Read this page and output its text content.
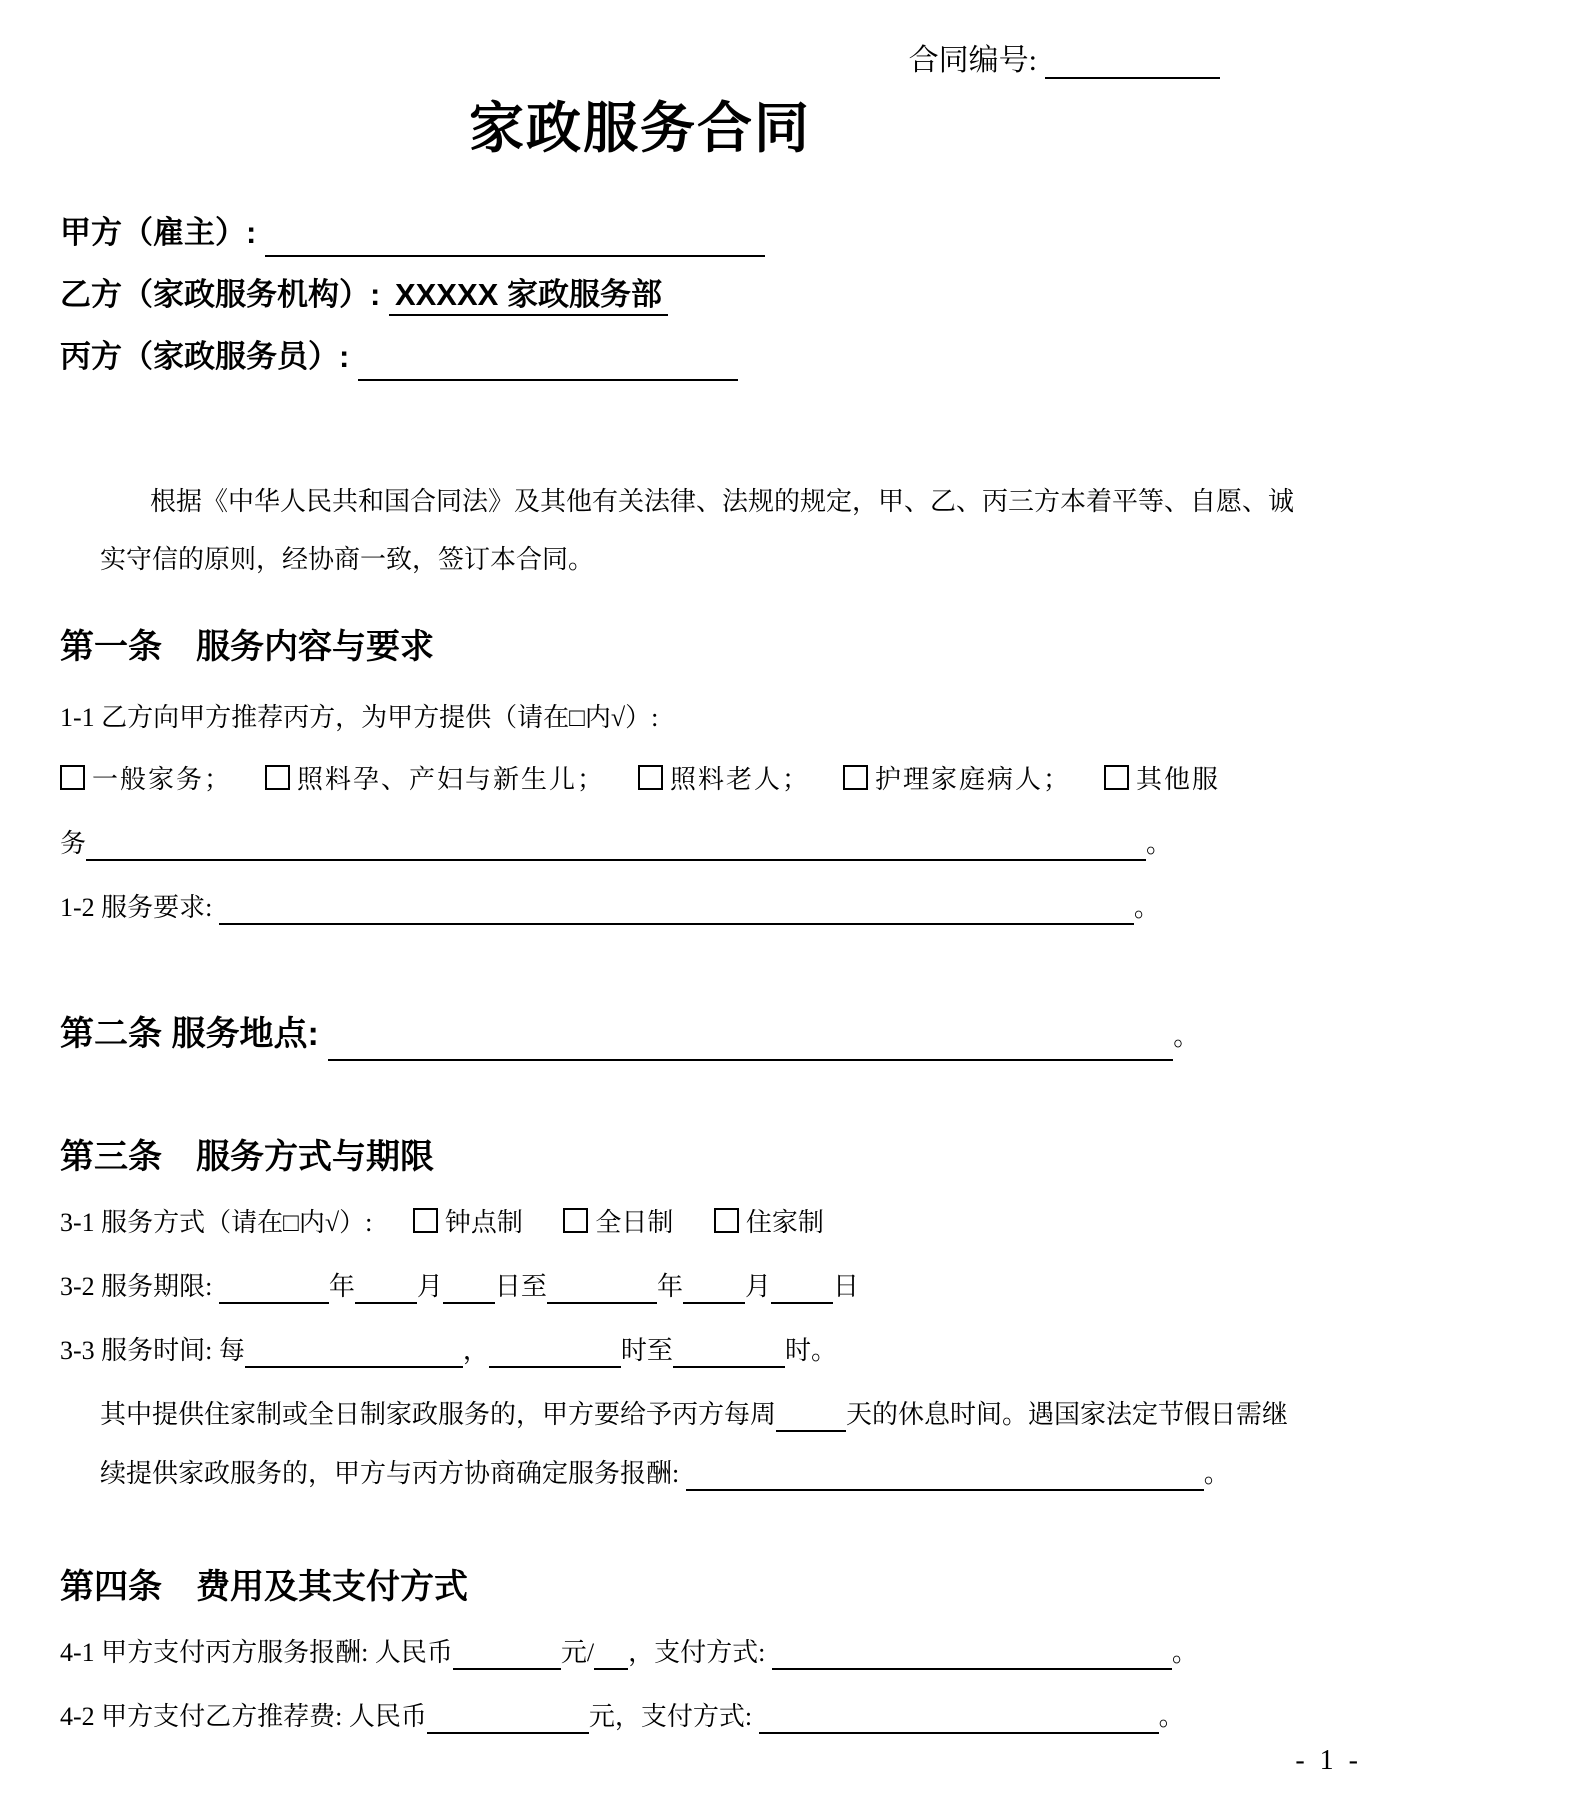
合同编号:
家政服务合同
甲方（雇主）:
乙方（家政服务机构）: XXXXX 家政服务部
丙方（家政服务员）:
根据《中华人民共和国合同法》及其他有关法律、法规的规定，甲、乙、丙三方本着平等、自愿、诚
实守信的原则，经协商一致，签订本合同。
第一条　服务内容与要求
1-1 乙方向甲方推荐丙方，为甲方提供（请在□内√）:
一般家务；	照料孕、产妇与新生儿；	照料老人；	护理家庭病人；	其他服
务	。
1-2 服务要求:	。
第二条 服务地点:	。
第三条　服务方式与期限
3-1 服务方式（请在□内√）:	钟点制	全日制	住家制
3-2 服务期限:	年 月 日至	年 月 日
3-3 服务时间: 每	，	时至	时。
其中提供住家制或全日制家政服务的，甲方要给予丙方每周	天的休息时间。遇国家法定节假日需继
续提供家政服务的，甲方与丙方协商确定服务报酬:	。
第四条　费用及其支付方式
4-1 甲方支付丙方服务报酬: 人民币	元/ ，支付方式:	。
4-2 甲方支付乙方推荐费: 人民币	元，支付方式:	。
- 1 -
